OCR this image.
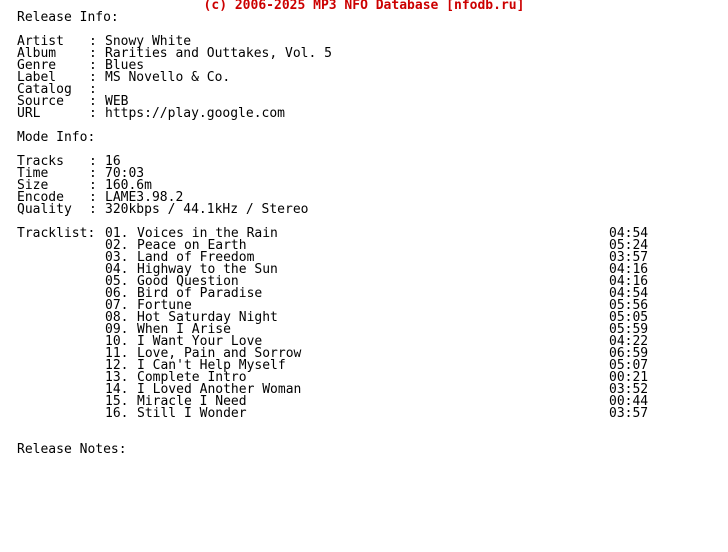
(c) 2006-2025 MP3 NFO Database [nfodb.ru]
Release Info:
Artist : Snowy White
Album	: Rarities and Outtakes, Vol. 5
Genre	: Blues
Label	: MS Novello & Co.
Catalog :
Source : WEB
URL	: https://play.google.com
Mode Info:
Tracks : 16
Time	: 70:03
Size	: 160.6m
Encode : LAME3.98.2
Quality : 320kbps / 44.1kHz / Stereo
Tracklist: 01. Voices in the Rain	04:54
02. Peace on Earth	05:24
03. Land of Freedom	03:57
04. Highway to the Sun	04:16
05. Good Question	04:16
06. Bird of Paradise	04:54
07. Fortune	05:56
08. Hot Saturday Night	05:05
09. When I Arise	05:59
10. I Want Your Love	04:22
11. Love, Pain and Sorrow	06:59
12. I Can't Help Myself	05:07
13. Complete Intro	00:21
14. I Loved Another Woman	03:52
15. Miracle I Need	00:44
16. Still I Wonder	03:57
Release Notes:
